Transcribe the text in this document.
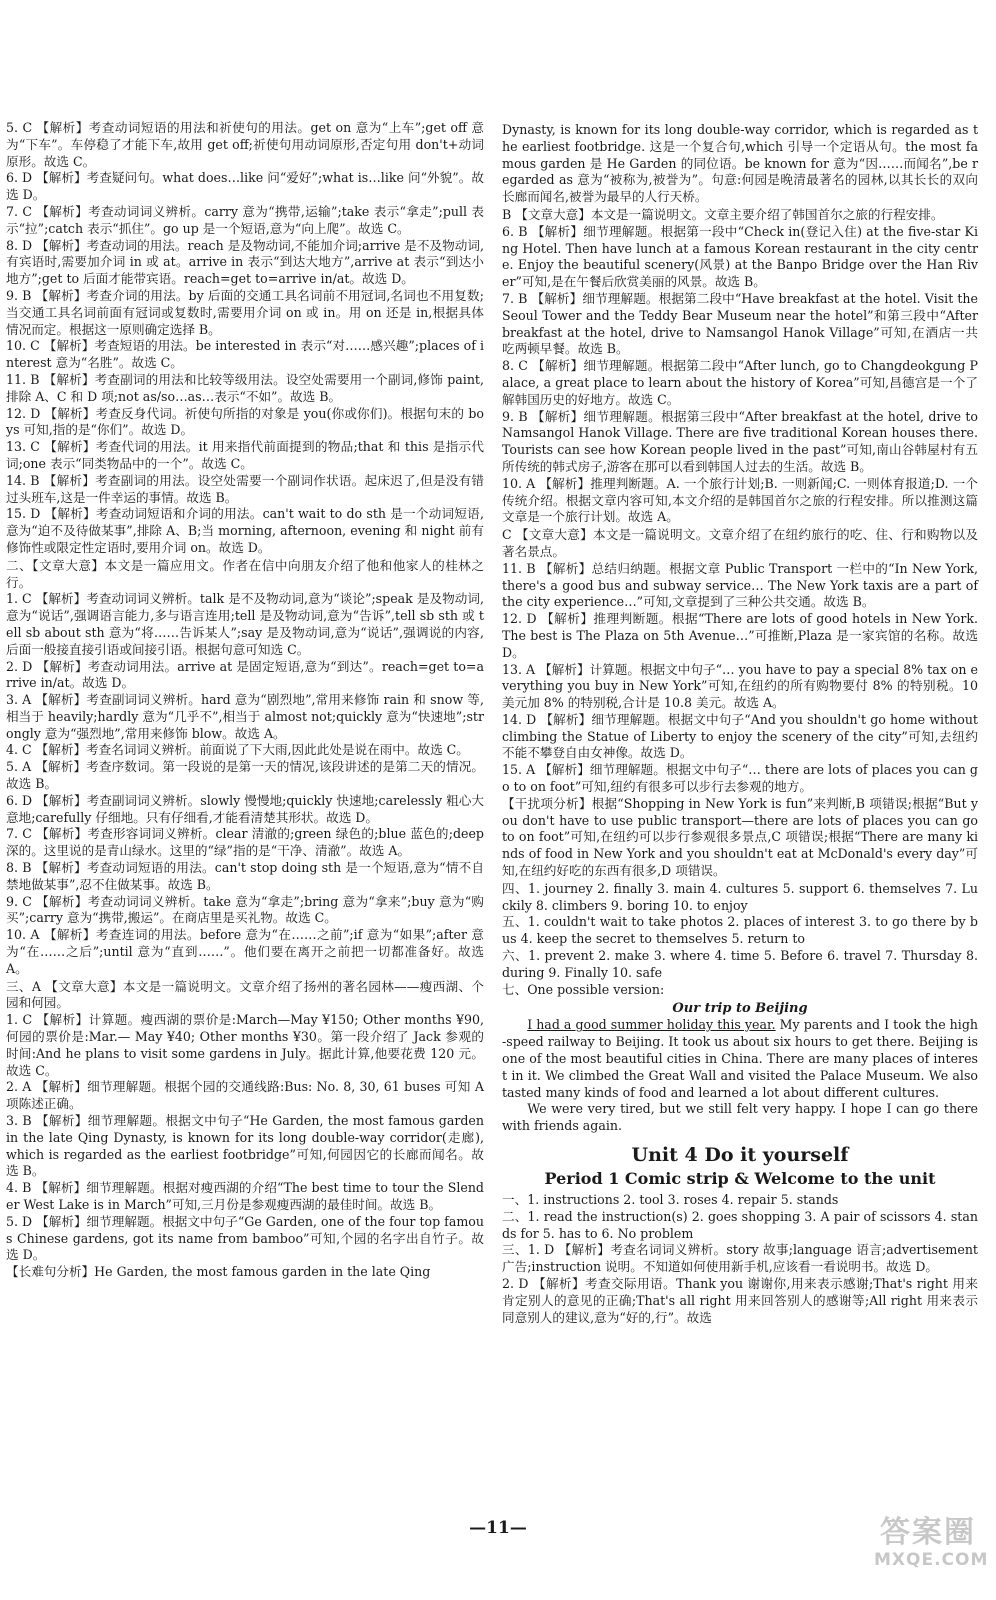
5. C 【解析】考查动词短语的用法和祈使句的用法。get on 意为“上车”;get off 意为“下车”。车停稳了才能下车,故用 get off;祈使句用动词原形,否定句用 don't+动词原形。故选 C。

6. D 【解析】考查疑问句。what does…like 问“爱好”;what is…like 问“外貌”。故选 D。

7. C 【解析】考查动词词义辨析。carry 意为“携带,运输”;take 表示“拿走”;pull 表示“拉”;catch 表示“抓住”。go up 是一个短语,意为“向上爬”。故选 C。

8. D 【解析】考查动词的用法。reach 是及物动词,不能加介词;arrive 是不及物动词,有宾语时,需要加介词 in 或 at。arrive in 表示“到达大地方”,arrive at 表示“到达小地方”;get to 后面才能带宾语。reach=get to=arrive in/at。故选 D。

9. B 【解析】考查介词的用法。by 后面的交通工具名词前不用冠词,名词也不用复数;当交通工具名词前面有冠词或复数时,需要用介词 on 或 in。用 on 还是 in,根据具体情况而定。根据这一原则确定选择 B。

10. C 【解析】考查短语的用法。be interested in 表示“对……感兴趣”;places of interest 意为“名胜”。故选 C。

11. B 【解析】考查副词的用法和比较等级用法。设空处需要用一个副词,修饰 paint,排除 A、C 和 D 项;not as/so…as…表示“不如”。故选 B。

12. D 【解析】考查反身代词。祈使句所指的对象是 you(你或你们)。根据句末的 boys 可知,指的是“你们”。故选 D。

13. C 【解析】考查代词的用法。it 用来指代前面提到的物品;that 和 this 是指示代词;one 表示“同类物品中的一个”。故选 C。

14. B 【解析】考查副词的用法。设空处需要一个副词作状语。起床迟了,但是没有错过头班车,这是一件幸运的事情。故选 B。

15. D 【解析】考查动词短语和介词的用法。can't wait to do sth 是一个动词短语,意为“迫不及待做某事”,排除 A、B;当 morning, afternoon, evening 和 night 前有修饰性或限定性定语时,要用介词 on。故选 D。

二、【文章大意】本文是一篇应用文。作者在信中向朋友介绍了他和他家人的桂林之行。

1. C 【解析】考查动词词义辨析。talk 是不及物动词,意为“谈论”;speak 是及物动词,意为“说话”,强调语言能力,多与语言连用;tell 是及物动词,意为“告诉”,tell sb sth 或 tell sb about sth 意为“将……告诉某人”;say 是及物动词,意为“说话”,强调说的内容,后面一般接直接引语或间接引语。根据句意可知选 C。

2. D 【解析】考查动词用法。arrive at 是固定短语,意为“到达”。reach=get to=arrive in/at。故选 D。

3. A 【解析】考查副词词义辨析。hard 意为“剧烈地”,常用来修饰 rain 和 snow 等,相当于 heavily;hardly 意为“几乎不”,相当于 almost not;quickly 意为“快速地”;strongly 意为“强烈地”,常用来修饰 blow。故选 A。

4. C 【解析】考查名词词义辨析。前面说了下大雨,因此此处是说在雨中。故选 C。

5. A 【解析】考查序数词。第一段说的是第一天的情况,该段讲述的是第二天的情况。故选 B。

6. D 【解析】考查副词词义辨析。slowly 慢慢地;quickly 快速地;carelessly 粗心大意地;carefully 仔细地。只有仔细看,才能看清楚其形状。故选 D。

7. C 【解析】考查形容词词义辨析。clear 清澈的;green 绿色的;blue 蓝色的;deep 深的。这里说的是青山绿水。这里的“绿”指的是“干净、清澈”。故选 A。

8. B 【解析】考查动词短语的用法。can't stop doing sth 是一个短语,意为“情不自禁地做某事”,忍不住做某事。故选 B。

9. C 【解析】考查动词词义辨析。take 意为“拿走”;bring 意为“拿来”;buy 意为“购买”;carry 意为“携带,搬运”。在商店里是买礼物。故选 C。

10. A 【解析】考查连词的用法。before 意为“在……之前”;if 意为“如果”;after 意为“在……之后”;until 意为“直到……”。他们要在离开之前把一切都准备好。故选 A。

三、A 【文章大意】本文是一篇说明文。文章介绍了扬州的著名园林——瘦西湖、个园和何园。

1. C 【解析】计算题。瘦西湖的票价是:March—May ¥150; Other months ¥90,何园的票价是:Mar.— May ¥40; Other months ¥30。第一段介绍了 Jack 参观的时间:And he plans to visit some gardens in July。据此计算,他要花费 120 元。故选 C。

2. A 【解析】细节理解题。根据个园的交通线路:Bus: No. 8, 30, 61 buses 可知 A 项陈述正确。

3. B 【解析】细节理解题。根据文中句子“He Garden, the most famous garden in the late Qing Dynasty, is known for its long double-way corridor(走廊), which is regarded as the earliest footbridge”可知,何园因它的长廊而闻名。故选 B。

4. B 【解析】细节理解题。根据对瘦西湖的介绍“The best time to tour the Slender West Lake is in March”可知,三月份是参观瘦西湖的最佳时间。故选 B。

5. D 【解析】细节理解题。根据文中句子“Ge Garden, one of the four top famous Chinese gardens, got its name from bamboo”可知,个园的名字出自竹子。故选 D。

【长难句分析】He Garden, the most famous garden in the late Qing

Dynasty, is known for its long double-way corridor, which is regarded as the earliest footbridge. 这是一个复合句,which 引导一个定语从句。the most famous garden 是 He Garden 的同位语。be known for 意为“因……而闻名”,be regarded as 意为“被称为,被誉为”。句意:何园是晚清最著名的园林,以其长长的双向长廊而闻名,被誉为最早的人行天桥。

B 【文章大意】本文是一篇说明文。文章主要介绍了韩国首尔之旅的行程安排。

6. B 【解析】细节理解题。根据第一段中“Check in(登记入住) at the five-star King Hotel. Then have lunch at a famous Korean restaurant in the city centre. Enjoy the beautiful scenery(风景) at the Banpo Bridge over the Han River”可知,是在午餐后欣赏美丽的风景。故选 B。

7. B 【解析】细节理解题。根据第二段中“Have breakfast at the hotel. Visit the Seoul Tower and the Teddy Bear Museum near the hotel”和第三段中“After breakfast at the hotel, drive to Namsangol Hanok Village”可知,在酒店一共吃两顿早餐。故选 B。

8. C 【解析】细节理解题。根据第二段中“After lunch, go to Changdeokgung Palace, a great place to learn about the history of Korea”可知,昌德宫是一个了解韩国历史的好地方。故选 C。

9. B 【解析】细节理解题。根据第三段中“After breakfast at the hotel, drive to Namsangol Hanok Village. There are five traditional Korean houses there. Tourists can see how Korean people lived in the past”可知,南山谷韩屋村有五所传统的韩式房子,游客在那可以看到韩国人过去的生活。故选 B。

10. A 【解析】推理判断题。A. 一个旅行计划;B. 一则新闻;C. 一则体育报道;D. 一个传统介绍。根据文章内容可知,本文介绍的是韩国首尔之旅的行程安排。所以推测这篇文章是一个旅行计划。故选 A。

C 【文章大意】本文是一篇说明文。文章介绍了在纽约旅行的吃、住、行和购物以及著名景点。

11. B 【解析】总结归纳题。根据文章 Public Transport 一栏中的“In New York, there's a good bus and subway service… The New York taxis are a part of the city experience…”可知,文章提到了三种公共交通。故选 B。

12. D 【解析】推理判断题。根据“There are lots of good hotels in New York. The best is The Plaza on 5th Avenue…”可推断,Plaza 是一家宾馆的名称。故选 D。

13. A 【解析】计算题。根据文中句子“… you have to pay a special 8% tax on everything you buy in New York”可知,在纽约的所有购物要付 8% 的特别税。10 美元加 8% 的特别税,合计是 10.8 美元。故选 A。

14. D 【解析】细节理解题。根据文中句子“And you shouldn't go home without climbing the Statue of Liberty to enjoy the scenery of the city”可知,去纽约不能不攀登自由女神像。故选 D。

15. A 【解析】细节理解题。根据文中句子“… there are lots of places you can go to on foot”可知,纽约有很多可以步行去参观的地方。

【干扰项分析】根据“Shopping in New York is fun”来判断,B 项错误;根据“But you don't have to use public transport—there are lots of places you can go to on foot”可知,在纽约可以步行参观很多景点,C 项错误;根据“There are many kinds of food in New York and you shouldn't eat at McDonald's every day”可知,在纽约好吃的东西有很多,D 项错误。

四、1. journey 2. finally 3. main 4. cultures 5. support 6. themselves 7. Luckily 8. climbers 9. boring 10. to enjoy

五、1. couldn't wait to take photos 2. places of interest 3. to go there by bus 4. keep the secret to themselves 5. return to

六、1. prevent 2. make 3. where 4. time 5. Before 6. travel 7. Thursday 8. during 9. Finally 10. safe

七、One possible version:

Our trip to Beijing

I had a good summer holiday this year. My parents and I took the high-speed railway to Beijing. It took us about six hours to get there. Beijing is one of the most beautiful cities in China. There are many places of interest in it. We climbed the Great Wall and visited the Palace Museum. We also tasted many kinds of food and learned a lot about different cultures.

We were very tired, but we still felt very happy. I hope I can go there with friends again.

Unit 4 Do it yourself
Period 1 Comic strip & Welcome to the unit

一、1. instructions 2. tool 3. roses 4. repair 5. stands

二、1. read the instruction(s) 2. goes shopping 3. A pair of scissors 4. stands for 5. has to 6. No problem

三、1. D 【解析】考查名词词义辨析。story 故事;language 语言;advertisement 广告;instruction 说明。不知道如何使用新手机,应该看一看说明书。故选 D。

2. D 【解析】考查交际用语。Thank you 谢谢你,用来表示感谢;That's right 用来肯定别人的意见的正确;That's all right 用来回答别人的感谢等;All right 用来表示同意别人的建议,意为“好的,行”。故选

—11—	答案圈
MXQE.COM
